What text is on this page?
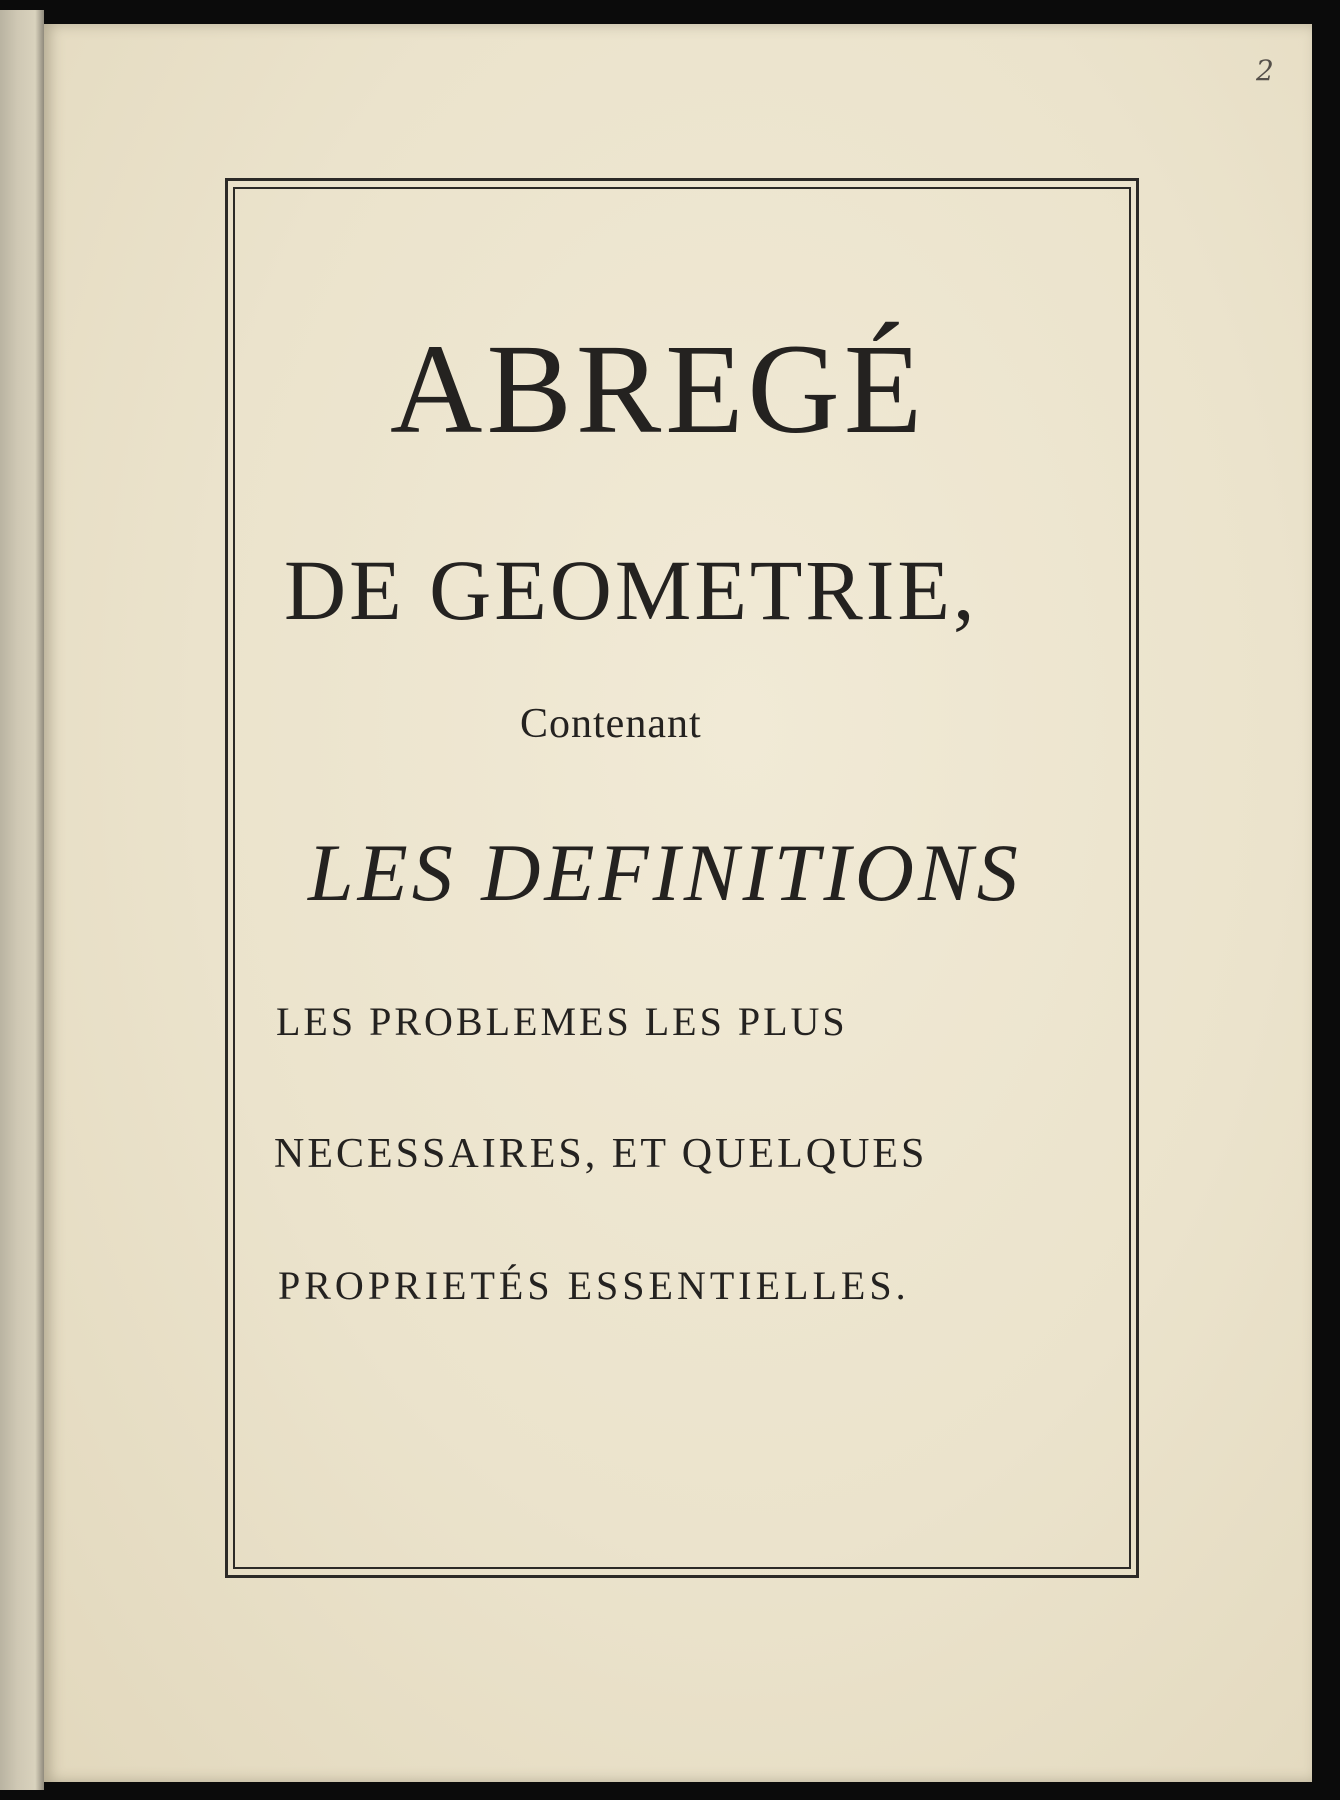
2
ABREGÉ
DE GEOMETRIE,
Contenant
LES DEFINITIONS
LES PROBLEMES LES PLUS
NECESSAIRES, ET QUELQUES
PROPRIETÉS ESSENTIELLES.
